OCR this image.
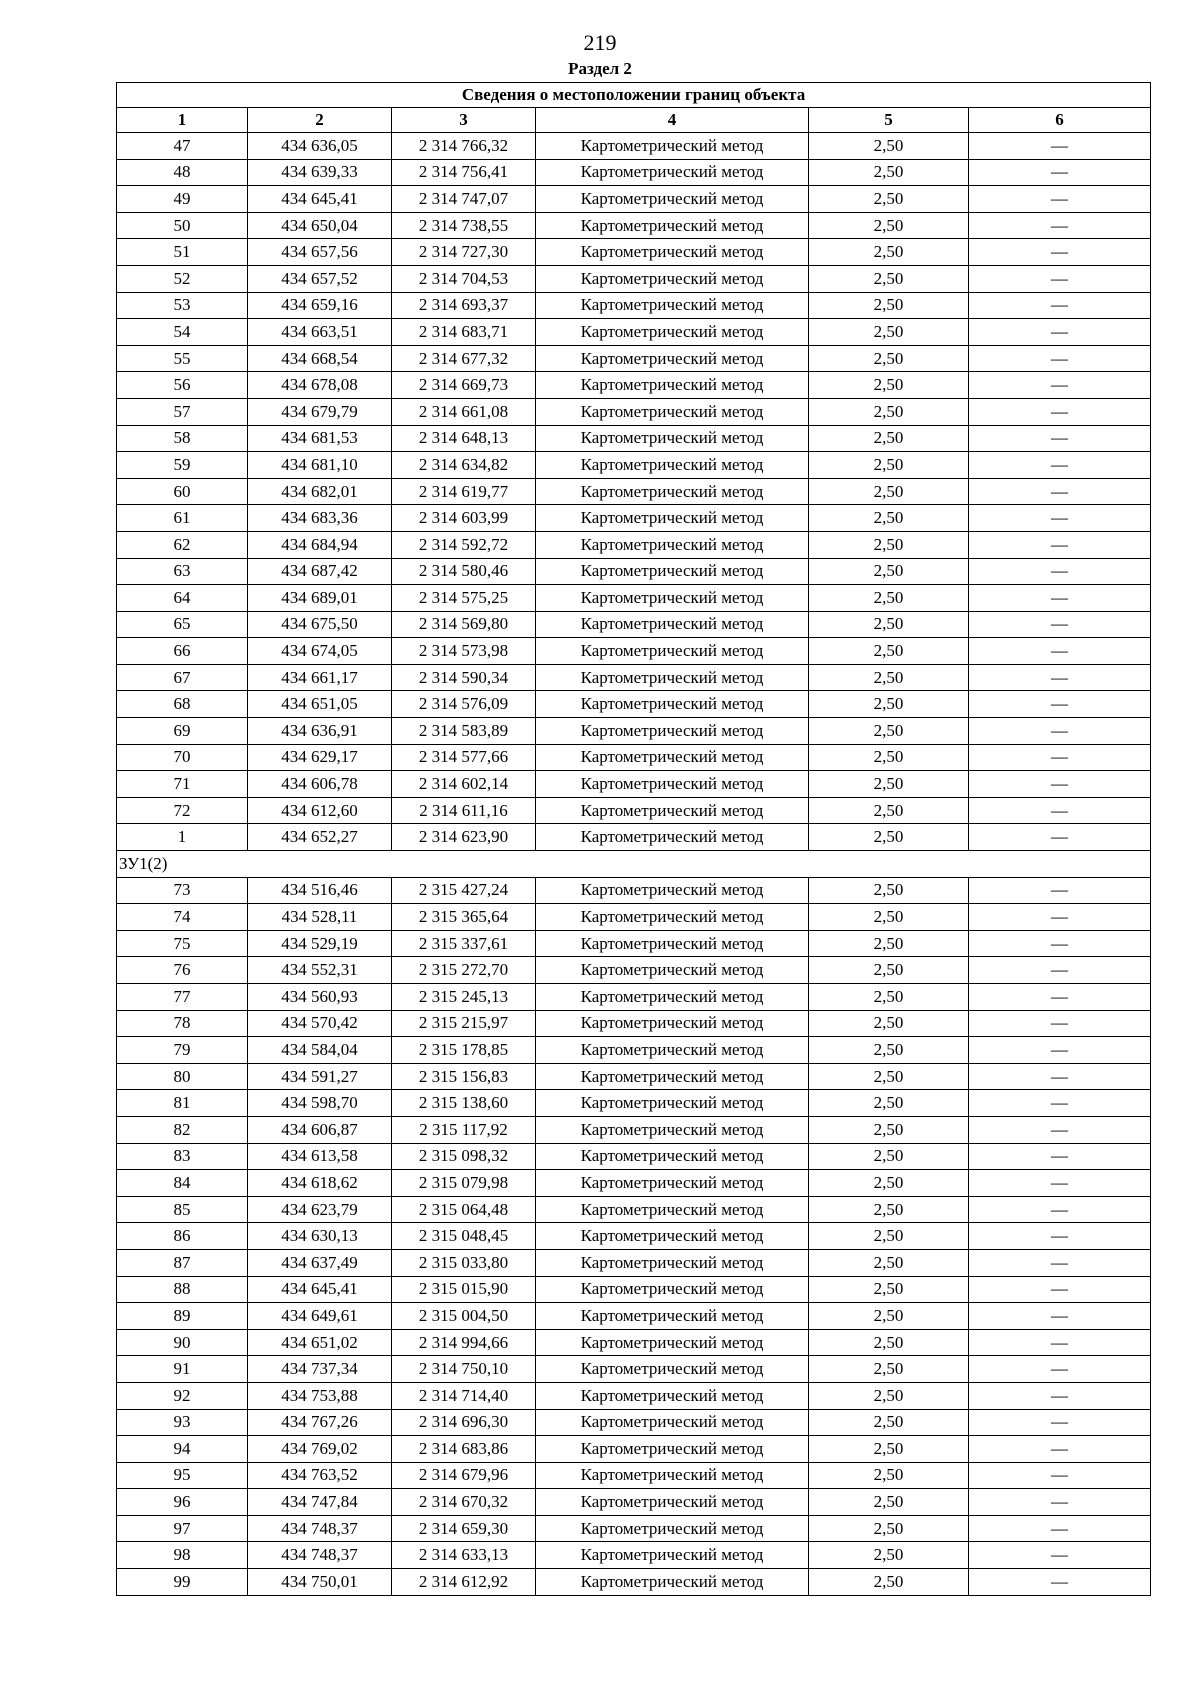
219
Раздел 2
Сведения о местоположении границ объекта					
1	2	3	4	5	6
47	434 636,05	2 314 766,32	Картометрический метод	2,50	—
48	434 639,33	2 314 756,41	Картометрический метод	2,50	—
49	434 645,41	2 314 747,07	Картометрический метод	2,50	—
50	434 650,04	2 314 738,55	Картометрический метод	2,50	—
51	434 657,56	2 314 727,30	Картометрический метод	2,50	—
52	434 657,52	2 314 704,53	Картометрический метод	2,50	—
53	434 659,16	2 314 693,37	Картометрический метод	2,50	—
54	434 663,51	2 314 683,71	Картометрический метод	2,50	—
55	434 668,54	2 314 677,32	Картометрический метод	2,50	—
56	434 678,08	2 314 669,73	Картометрический метод	2,50	—
57	434 679,79	2 314 661,08	Картометрический метод	2,50	—
58	434 681,53	2 314 648,13	Картометрический метод	2,50	—
59	434 681,10	2 314 634,82	Картометрический метод	2,50	—
60	434 682,01	2 314 619,77	Картометрический метод	2,50	—
61	434 683,36	2 314 603,99	Картометрический метод	2,50	—
62	434 684,94	2 314 592,72	Картометрический метод	2,50	—
63	434 687,42	2 314 580,46	Картометрический метод	2,50	—
64	434 689,01	2 314 575,25	Картометрический метод	2,50	—
65	434 675,50	2 314 569,80	Картометрический метод	2,50	—
66	434 674,05	2 314 573,98	Картометрический метод	2,50	—
67	434 661,17	2 314 590,34	Картометрический метод	2,50	—
68	434 651,05	2 314 576,09	Картометрический метод	2,50	—
69	434 636,91	2 314 583,89	Картометрический метод	2,50	—
70	434 629,17	2 314 577,66	Картометрический метод	2,50	—
71	434 606,78	2 314 602,14	Картометрический метод	2,50	—
72	434 612,60	2 314 611,16	Картометрический метод	2,50	—
1	434 652,27	2 314 623,90	Картометрический метод	2,50	—
ЗУ1(2)					
73	434 516,46	2 315 427,24	Картометрический метод	2,50	—
74	434 528,11	2 315 365,64	Картометрический метод	2,50	—
75	434 529,19	2 315 337,61	Картометрический метод	2,50	—
76	434 552,31	2 315 272,70	Картометрический метод	2,50	—
77	434 560,93	2 315 245,13	Картометрический метод	2,50	—
78	434 570,42	2 315 215,97	Картометрический метод	2,50	—
79	434 584,04	2 315 178,85	Картометрический метод	2,50	—
80	434 591,27	2 315 156,83	Картометрический метод	2,50	—
81	434 598,70	2 315 138,60	Картометрический метод	2,50	—
82	434 606,87	2 315 117,92	Картометрический метод	2,50	—
83	434 613,58	2 315 098,32	Картометрический метод	2,50	—
84	434 618,62	2 315 079,98	Картометрический метод	2,50	—
85	434 623,79	2 315 064,48	Картометрический метод	2,50	—
86	434 630,13	2 315 048,45	Картометрический метод	2,50	—
87	434 637,49	2 315 033,80	Картометрический метод	2,50	—
88	434 645,41	2 315 015,90	Картометрический метод	2,50	—
89	434 649,61	2 315 004,50	Картометрический метод	2,50	—
90	434 651,02	2 314 994,66	Картометрический метод	2,50	—
91	434 737,34	2 314 750,10	Картометрический метод	2,50	—
92	434 753,88	2 314 714,40	Картометрический метод	2,50	—
93	434 767,26	2 314 696,30	Картометрический метод	2,50	—
94	434 769,02	2 314 683,86	Картометрический метод	2,50	—
95	434 763,52	2 314 679,96	Картометрический метод	2,50	—
96	434 747,84	2 314 670,32	Картометрический метод	2,50	—
97	434 748,37	2 314 659,30	Картометрический метод	2,50	—
98	434 748,37	2 314 633,13	Картометрический метод	2,50	—
99	434 750,01	2 314 612,92	Картометрический метод	2,50	—
